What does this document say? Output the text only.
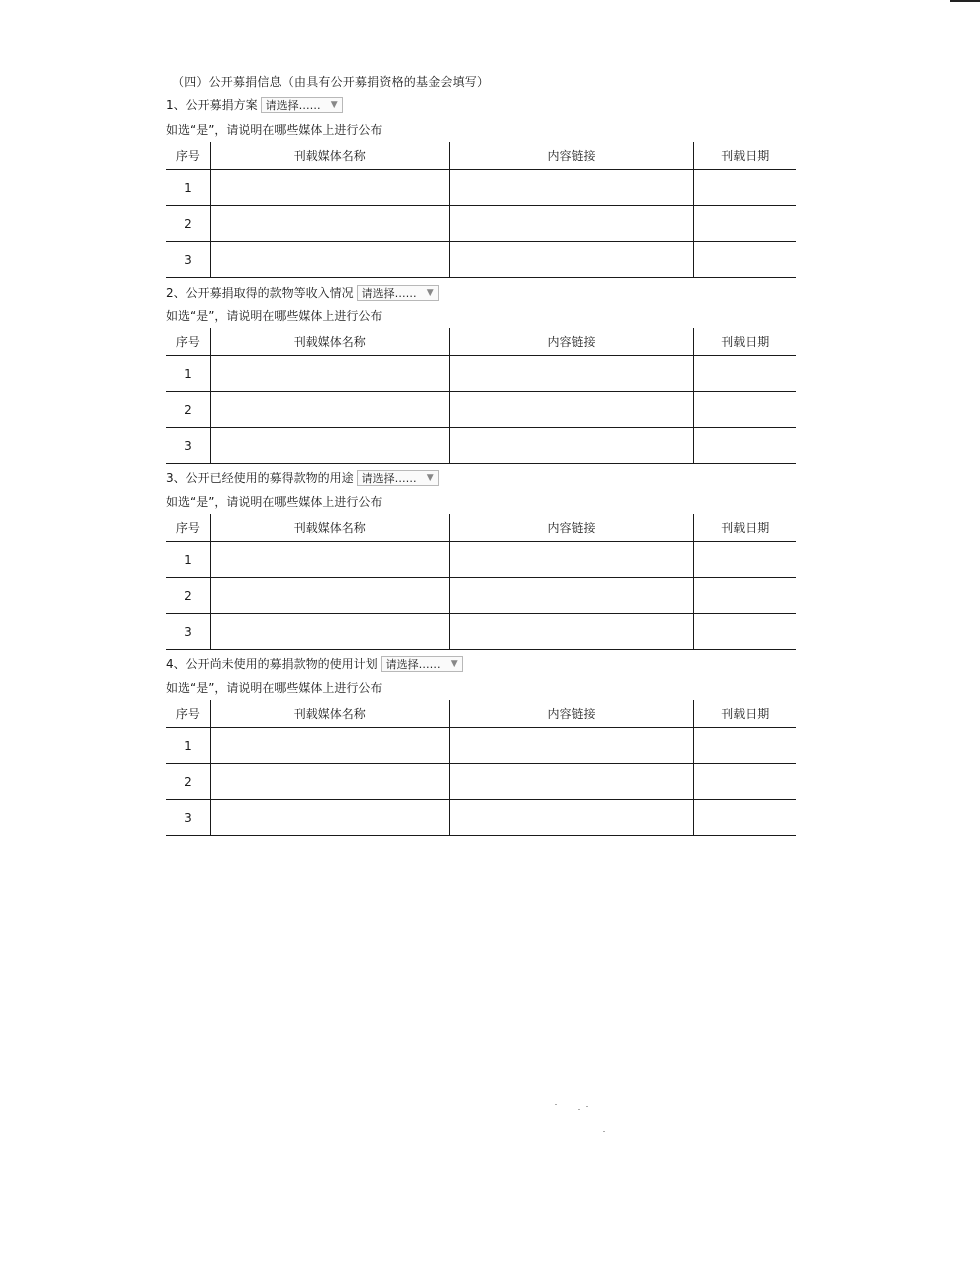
（四）公开募捐信息（由具有公开募捐资格的基金会填写）
1、公开募捐方案 请选择…… ▼
如选“是”，请说明在哪些媒体上进行公布
序号	刊载媒体名称	内容链接	刊载日期
1			
2			
3			
2、公开募捐取得的款物等收入情况 请选择…… ▼
如选“是”，请说明在哪些媒体上进行公布
序号	刊载媒体名称	内容链接	刊载日期
1			
2			
3			
3、公开已经使用的募得款物的用途 请选择…… ▼
如选“是”，请说明在哪些媒体上进行公布
序号	刊载媒体名称	内容链接	刊载日期
1			
2			
3			
4、公开尚未使用的募捐款物的使用计划 请选择…… ▼
如选“是”，请说明在哪些媒体上进行公布
序号	刊载媒体名称	内容链接	刊载日期
1			
2			
3			
